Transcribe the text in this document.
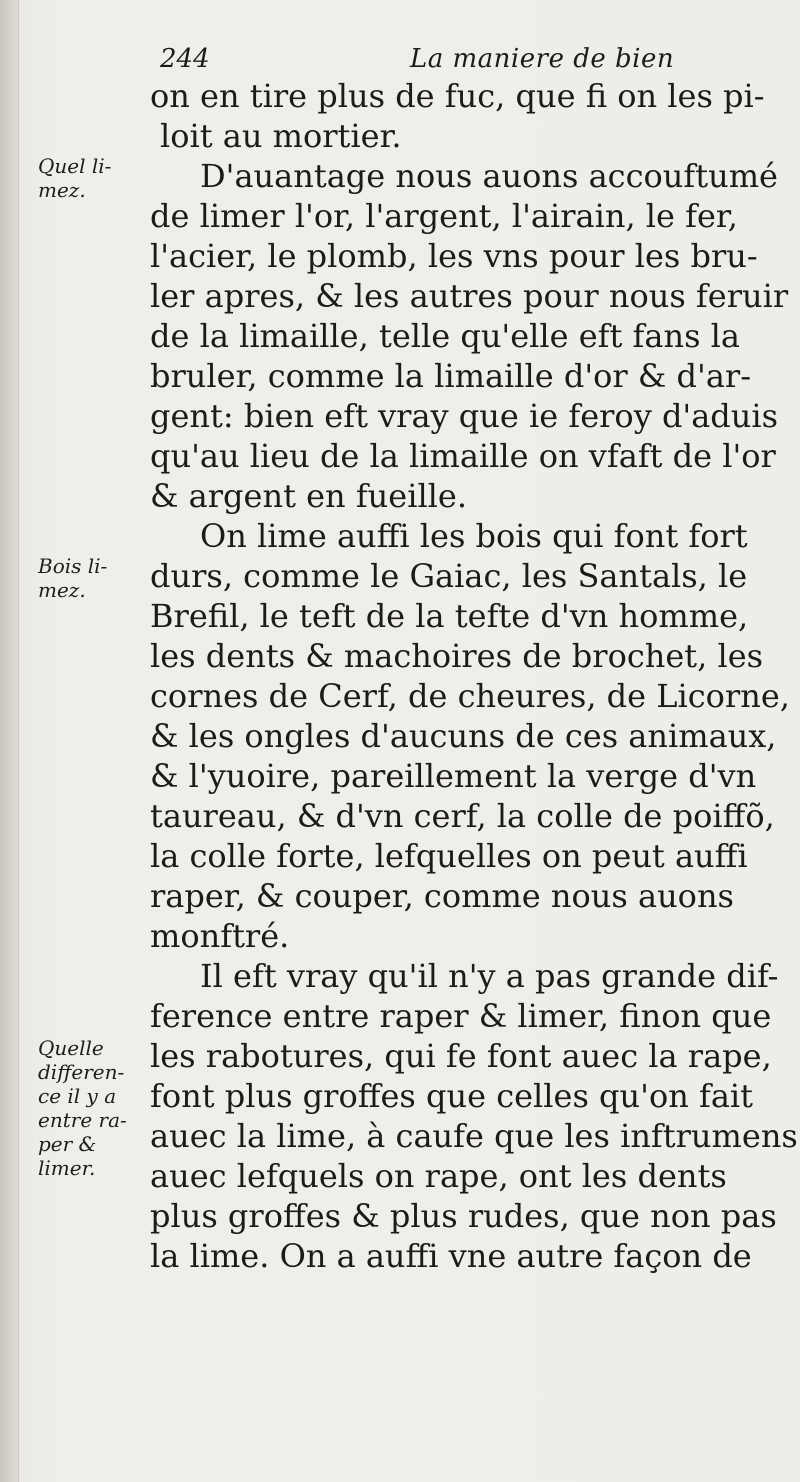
244	La maniere de bien
Quel li-
mez.
Bois li-
mez.
Quelle
differen-
ce il y a
entre ra-
per &
limer.
on en tire plus de fuc, que fi on les pi-
loit au mortier.
D'auantage nous auons accouftumé
de limer l'or, l'argent, l'airain, le fer,
l'acier, le plomb, les vns pour les bru-
ler apres, & les autres pour nous feruir
de la limaille, telle qu'elle eft fans la
bruler, comme la limaille d'or & d'ar-
gent: bien eft vray que ie feroy d'aduis
qu'au lieu de la limaille on vfaft de l'or
& argent en fueille.
On lime auffi les bois qui font fort
durs, comme le Gaiac, les Santals, le
Brefil, le teft de la tefte d'vn homme,
les dents & machoires de brochet, les
cornes de Cerf, de cheures, de Licorne,
& les ongles d'aucuns de ces animaux,
& l'yuoire, pareillement la verge d'vn
taureau, & d'vn cerf, la colle de poiffõ,
la colle forte, lefquelles on peut auffi
raper, & couper, comme nous auons
monftré.
Il eft vray qu'il n'y a pas grande dif-
ference entre raper & limer, finon que
les rabotures, qui fe font auec la rape,
font plus groffes que celles qu'on fait
auec la lime, à caufe que les inftrumens
auec lefquels on rape, ont les dents
plus groffes & plus rudes, que non pas
la lime. On a auffi vne autre façon de
